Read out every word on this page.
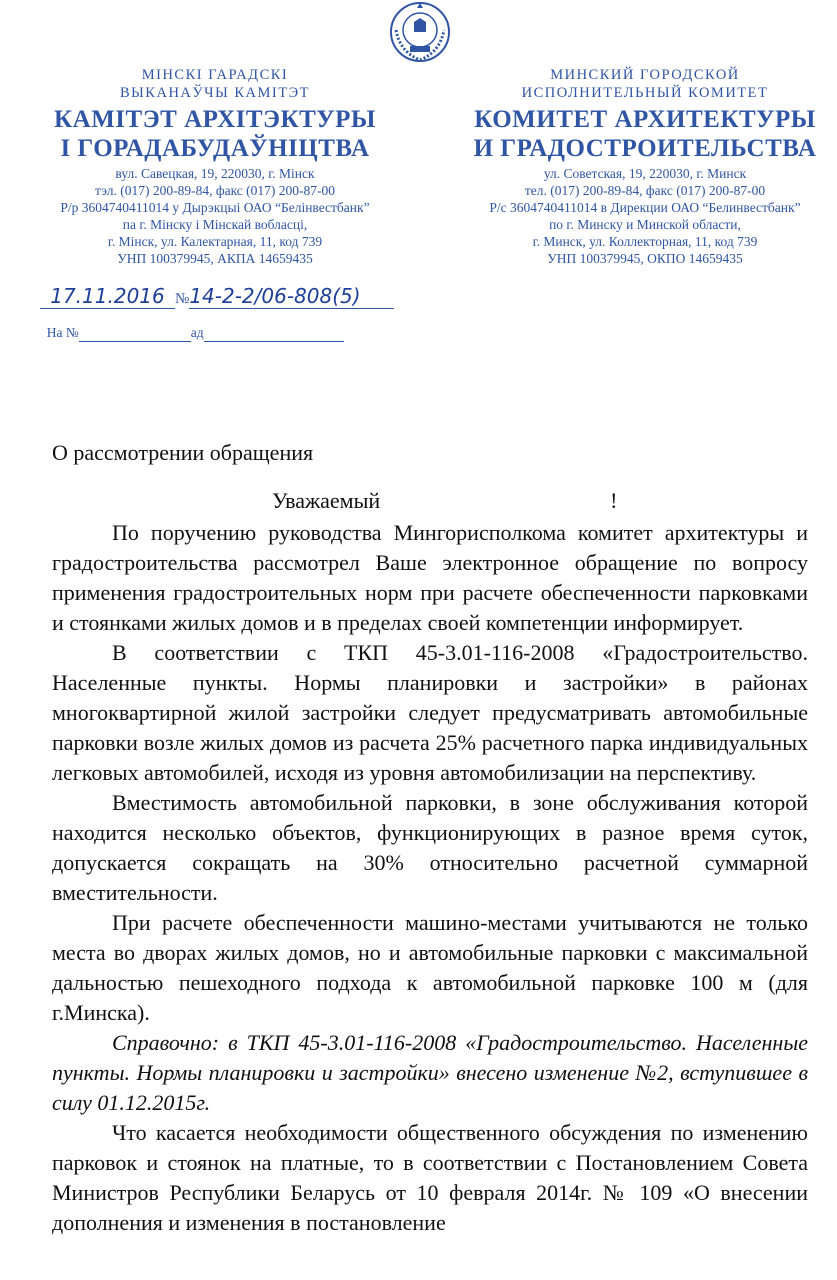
МІНСКІ ГАРАДСКІ
ВЫКАНАЎЧЫ КАМІТЭТ
КАМІТЭТ АРХІТЭКТУРЫ
І ГОРАДАБУДАЎНІЦТВА
вул. Савецкая, 19, 220030, г. Мінск
тэл. (017) 200-89-84, факс (017) 200-87-00
Р/р 3604740411014 у Дырэкцыі ОАО “Белінвестбанк”
па г. Мінску і Мінскай вобласці,
г. Мінск, ул. Калектарная, 11, код 739
УНП 100379945, АКПА 14659435
МИНСКИЙ ГОРОДСКОЙ
ИСПОЛНИТЕЛЬНЫЙ КОМИТЕТ
КОМИТЕТ АРХИТЕКТУРЫ
И ГРАДОСТРОИТЕЛЬСТВА
ул. Советская, 19, 220030, г. Минск
тел. (017) 200-89-84, факс (017) 200-87-00
Р/с 3604740411014 в Дирекции ОАО “Белинвестбанк”
по г. Минску и Минской области,
г. Минск, ул. Коллекторная, 11, код 739
УНП 100379945, ОКПО 14659435
17.11.2016 №14-2-2/06-808(5)
На №	ад
О рассмотрении обращения
Уважаемый	!

По поручению руководства Мингорисполкома комитет архитектуры и градостроительства рассмотрел Ваше электронное обращение по вопросу применения градостроительных норм при расчете обеспеченности парковками и стоянками жилых домов и в пределах своей компетенции информирует.

В соответствии с ТКП 45-3.01-116-2008 «Градостроительство. Населенные пункты. Нормы планировки и застройки» в районах многоквартирной жилой застройки следует предусматривать автомобильные парковки возле жилых домов из расчета 25% расчетного парка индивидуальных легковых автомобилей, исходя из уровня автомобилизации на перспективу.

Вместимость автомобильной парковки, в зоне обслуживания которой находится несколько объектов, функционирующих в разное время суток, допускается сокращать на 30% относительно расчетной суммарной вместительности.

При расчете обеспеченности машино-местами учитываются не только места во дворах жилых домов, но и автомобильные парковки с максимальной дальностью пешеходного подхода к автомобильной парковке 100 м (для г.Минска).

Справочно: в ТКП 45-3.01-116-2008 «Градостроительство. Населенные пункты. Нормы планировки и застройки» внесено изменение №2, вступившее в силу 01.12.2015г.

Что касается необходимости общественного обсуждения по изменению парковок и стоянок на платные, то в соответствии с Постановлением Совета Министров Республики Беларусь от 10 февраля 2014г. № 109 «О внесении дополнения и изменения в постановление
